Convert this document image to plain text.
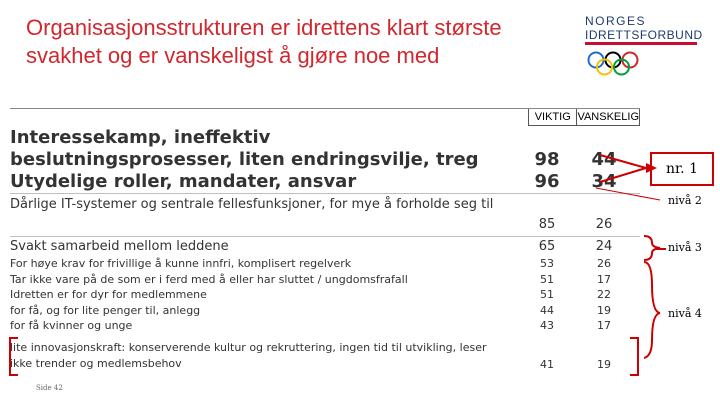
Organisasjonsstrukturen er idrettens klart største svakhet og er vanskeligst å gjøre noe med
NORGES
IDRETTSFORBUND
VIKTIG VANSKELIG
Interessekamp, ineffektiv beslutningsprosesser, liten endringsvilje, treg	98	44
Utydelige roller, mandater, ansvar	96	34
Dårlige IT-systemer og sentrale fellesfunksjoner, for mye å forholde seg til
85	26
Svakt samarbeid mellom leddene	65	24
For høye krav for frivillige å kunne innfri, komplisert regelverk	53	26
Tar ikke vare på de som er i ferd med å eller har sluttet / ungdomsfrafall	51	17
Idretten er for dyr for medlemmene	51	22
for få, og for lite penger til, anlegg	44	19
for få kvinner og unge	43	17
lite innovasjonskraft: konserverende kultur og rekruttering, ingen tid til utvikling, leser ikke trender og medlemsbehov	41	19
nr. 1
nivå 2
nivå 3
nivå 4
Side 42
